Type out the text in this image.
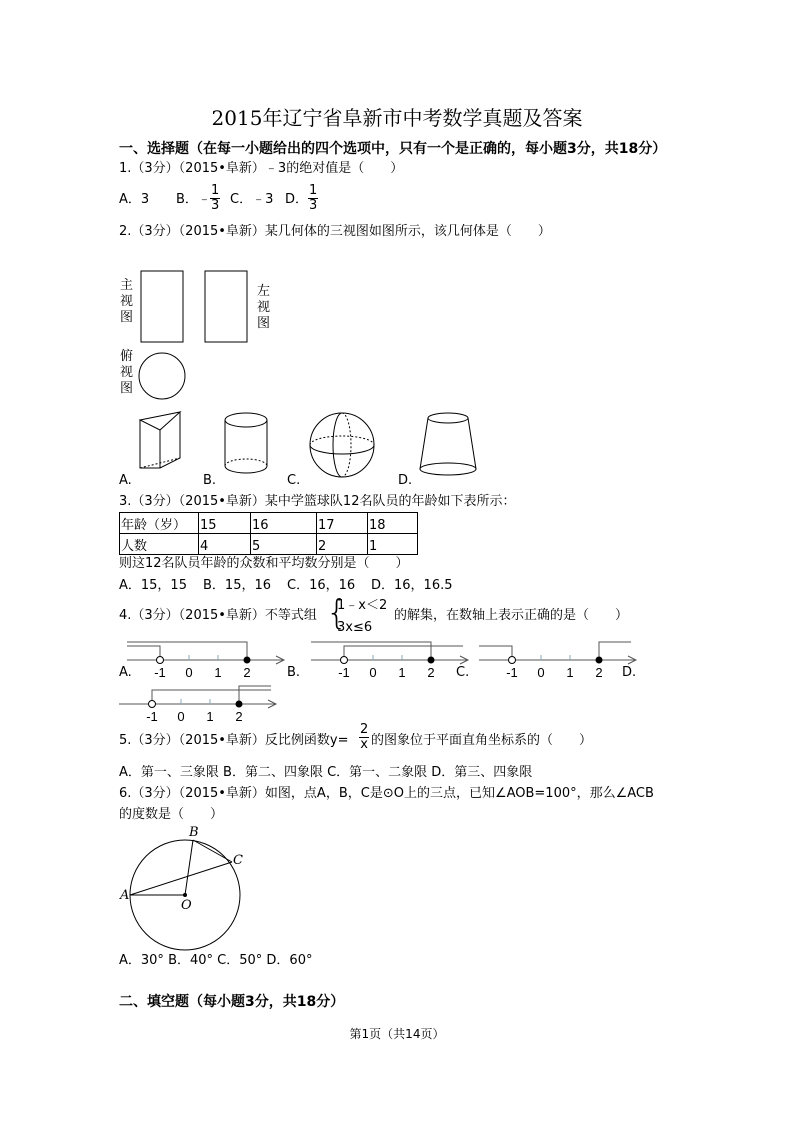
2015年辽宁省阜新市中考数学真题及答案
一、选择题（在每一小题给出的四个选项中，只有一个是正确的，每小题3分，共18分）
1.（3分）（2015•阜新）﹣3的绝对值是（　　）
A．3 B．﹣ $\frac{1}{3}$ C．﹣3 D． $\frac{1}{3}$
2.（3分）（2015•阜新）某几何体的三视图如图所示，该几何体是（　　）
主视图
左视图
俯视图
A.	B.	C.	D.
3.（3分）（2015•阜新）某中学篮球队12名队员的年龄如下表所示：
年龄（岁）	15	16	17	18
人数	4	5	2	1
则这12名队员年龄的众数和平均数分别是（　　）
A．15，15 B．15，16 C．16，16 D．16，16.5
4.（3分）（2015•阜新）不等式组 {
1﹣x＜2
3x≤6
的解集，在数轴上表示正确的是（　　）
A.	B.	C.	D.
-1 0 1 2	-1 0 1 2	-1 0 1 2
-1 0 1 2
5.（3分）（2015•阜新）反比例函数$y= \frac{2}{x}$ 的图象位于平面直角坐标系的（　　）
A．第一、三象限 B．第二、四象限 C．第一、二象限 D．第三、四象限
6.（3分）（2015•阜新）如图，点A，B，C是⊙O上的三点，已知∠AOB=100°，那么∠ACB
的度数是（　　）
A
B
C
O
A．30° B．40° C．50° D．60°
二、填空题（每小题3分，共18分）
第1页（共14页）
